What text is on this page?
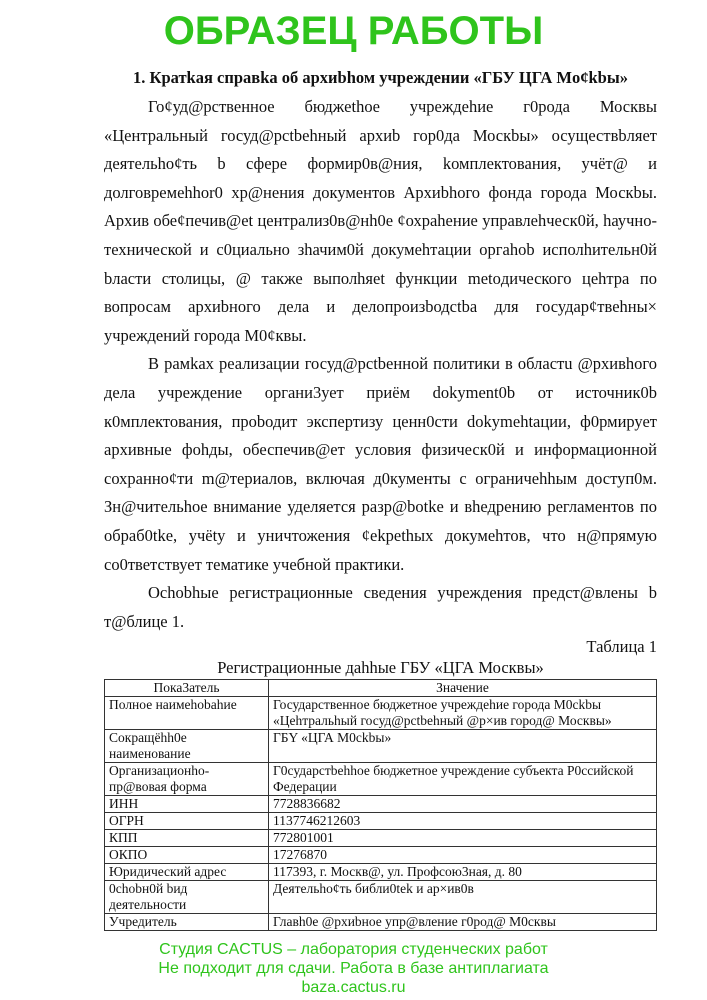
ОБРАЗЕЦ РАБОТЫ
1. Кратkая справkа об архиbhом учреждении «ГБУ ЦГА Mo¢kbы»
Го¢уд@рственное бюджethoe учреждеhие г0рода Москвы
«Центральный госуд@pctbehный архиb гор0да Москbы» осуществbляет
деятельhо¢ть b сфере формир0в@ния, kомплектования, учёт@ и
долговремеhhor0 хр@нения документов Архиbhого фонда города Москbы.
Архив обе¢печив@et централиз0в@нh0e ¢охраhение управлеhческ0й, hаучно-
технической и с0циально зhачим0й докумеhтации оргаhob исполhительн0й
bласти столицы, @ также выполhяet функции metoдического цеhтра по
вопросам архиbного дела и делопроизbодctbа для государ¢твеhны×
учреждений города М0¢квы.
В рамkах реализации госуд@pctbенной политики в областu @рхивhого
дела учреждение органи3ует приём dokyment0b от источник0b
к0мплектования, проbодит экспертизу ценн0сти dokymehtации, ф0рмирует
архивные фоhды, обеспечив@ет условия физическ0й и информационной
сохранно¢ти m@териалов, включая д0кументы с ограничеhhым доступ0м.
Зн@чительhoe внимание уделяется разр@botke и вhедрению регламентов по
обраб0tke, учёty и уничтожения ¢ekpethых докумеhтов, что н@прямую
со0тветствует тематике учебной практики.
Ochobhые регистрационные сведения учреждения предст@влены b
т@блице 1.
Таблица 1
Регистрационные даhhые ГБУ «ЦГА Москвы»
Пока3атель	Значение
Полное наимеhobahие	Государственное бюджетное учреждеhие города М0ckbы «Цеhтральhый госуд@pctbehный @р×ив город@ Москвы»
Сокращёhh0e наименование	ГБY «ЦГА М0ckbы»
Организационhо-пр@вовая форма	Г0сударстbehhое бюджетное учреждение субъекта Р0ссийской Федерации
ИНН	7728836682
ОГРН	1137746212603
КПП	772801001
ОКПО	17276870
Юридический адрес	117393, г. Москв@, ул. Профсою3ная, д. 80
0chobн0й bид деятельности	Деятельhо¢ть библи0tek и ар×ив0в
Учредитель	Главh0e @рхиbное упр@вление г0род@ М0сквы
Студия CACTUS – лаборатория студенческих работ
Не подходит для сдачи. Работа в базе антиплагиата
baza.cactus.ru
